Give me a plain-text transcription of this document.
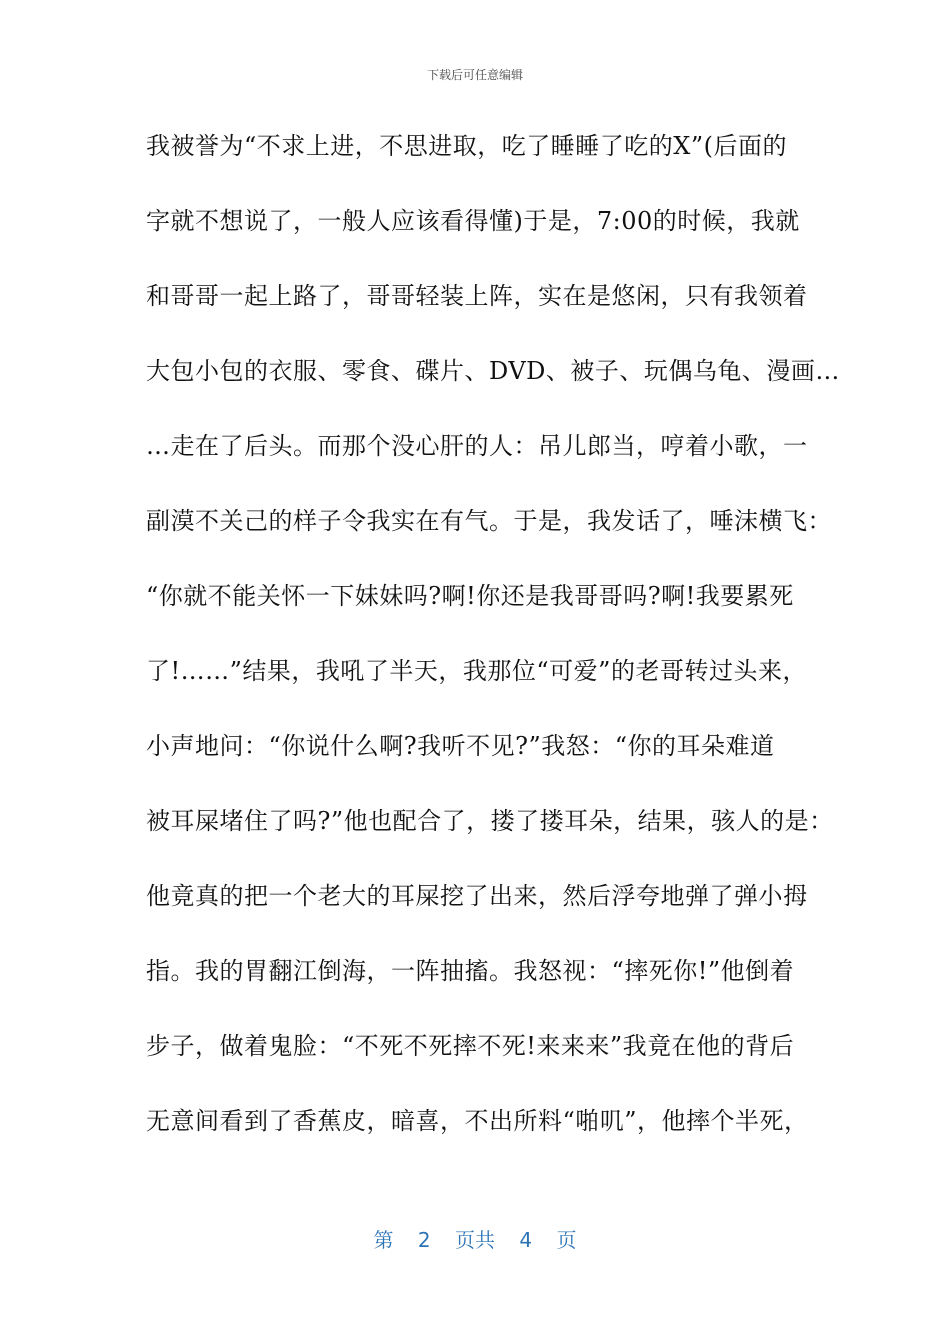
下载后可任意编辑
我被誉为“不求上进，不思进取，吃了睡睡了吃的X”(后面的
字就不想说了，一般人应该看得懂)于是，7:00的时候，我就
和哥哥一起上路了，哥哥轻装上阵，实在是悠闲，只有我领着
大包小包的衣服、零食、碟片、DVD、被子、玩偶乌龟、漫画…
…走在了后头。而那个没心肝的人：吊儿郎当，哼着小歌，一
副漠不关己的样子令我实在有气。于是，我发话了，唾沫横飞：
“你就不能关怀一下妹妹吗?啊!你还是我哥哥吗?啊!我要累死
了!……”结果，我吼了半天，我那位“可爱”的老哥转过头来，
小声地问：“你说什么啊?我听不见?”我怒：“你的耳朵难道
被耳屎堵住了吗?”他也配合了，搂了搂耳朵，结果，骇人的是：
他竟真的把一个老大的耳屎挖了出来，然后浮夸地弹了弹小拇
指。我的胃翻江倒海，一阵抽搐。我怒视：“摔死你!”他倒着
步子，做着鬼脸：“不死不死摔不死!来来来”我竟在他的背后
无意间看到了香蕉皮，暗喜，不出所料“啪叽”，他摔个半死，
第 2 页共 4 页
